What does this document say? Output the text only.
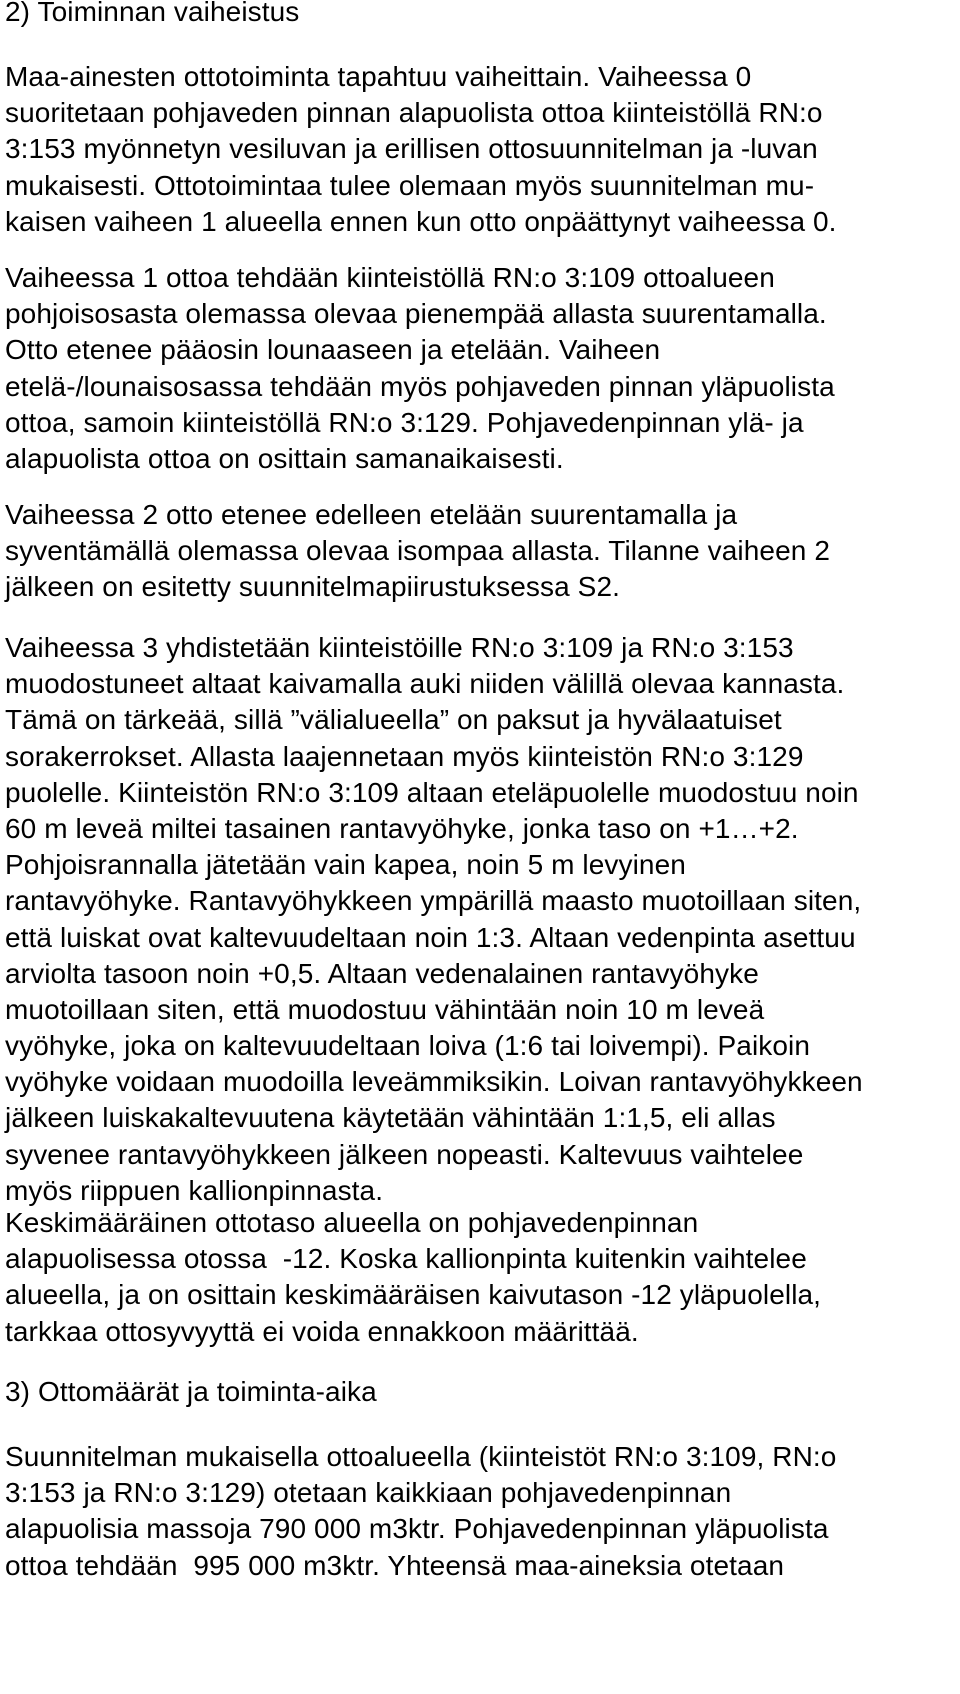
2) Toiminnan vaiheistus
Maa-ainesten ottotoiminta tapahtuu vaiheittain. Vaiheessa 0
suoritetaan pohjaveden pinnan alapuolista ottoa kiinteistöllä RN:o
3:153 myönnetyn vesiluvan ja erillisen ottosuunnitelman ja -luvan
mukaisesti. Ottotoimintaa tulee olemaan myös suunnitelman mu-
kaisen vaiheen 1 alueella ennen kun otto onpäättynyt vaiheessa 0.
Vaiheessa 1 ottoa tehdään kiinteistöllä RN:o 3:109 ottoalueen
pohjoisosasta olemassa olevaa pienempää allasta suurentamalla.
Otto etenee pääosin lounaaseen ja etelään. Vaiheen
etelä-/lounaisosassa tehdään myös pohjaveden pinnan yläpuolista
ottoa, samoin kiinteistöllä RN:o 3:129. Pohjavedenpinnan ylä- ja
alapuolista ottoa on osittain samanaikaisesti.
Vaiheessa 2 otto etenee edelleen etelään suurentamalla ja
syventämällä olemassa olevaa isompaa allasta. Tilanne vaiheen 2
jälkeen on esitetty suunnitelmapiirustuksessa S2.
Vaiheessa 3 yhdistetään kiinteistöille RN:o 3:109 ja RN:o 3:153
muodostuneet altaat kaivamalla auki niiden välillä olevaa kannasta.
Tämä on tärkeää, sillä ”välialueella” on paksut ja hyvälaatuiset
sorakerrokset. Allasta laajennetaan myös kiinteistön RN:o 3:129
puolelle. Kiinteistön RN:o 3:109 altaan eteläpuolelle muodostuu noin
60 m leveä miltei tasainen rantavyöhyke, jonka taso on +1…+2.
Pohjoisrannalla jätetään vain kapea, noin 5 m levyinen
rantavyöhyke. Rantavyöhykkeen ympärillä maasto muotoillaan siten,
että luiskat ovat kaltevuudeltaan noin 1:3. Altaan vedenpinta asettuu
arviolta tasoon noin +0,5. Altaan vedenalainen rantavyöhyke
muotoillaan siten, että muodostuu vähintään noin 10 m leveä
vyöhyke, joka on kaltevuudeltaan loiva (1:6 tai loivempi). Paikoin
vyöhyke voidaan muodoilla leveämmiksikin. Loivan rantavyöhykkeen
jälkeen luiskakaltevuutena käytetään vähintään 1:1,5, eli allas
syvenee rantavyöhykkeen jälkeen nopeasti. Kaltevuus vaihtelee
myös riippuen kallionpinnasta.
Keskimääräinen ottotaso alueella on pohjavedenpinnan
alapuolisessa otossa  -12. Koska kallionpinta kuitenkin vaihtelee
alueella, ja on osittain keskimääräisen kaivutason -12 yläpuolella,
tarkkaa ottosyvyyttä ei voida ennakkoon määrittää.
3) Ottomäärät ja toiminta-aika
Suunnitelman mukaisella ottoalueella (kiinteistöt RN:o 3:109, RN:o
3:153 ja RN:o 3:129) otetaan kaikkiaan pohjavedenpinnan
alapuolisia massoja 790 000 m3ktr. Pohjavedenpinnan yläpuolista
ottoa tehdään  995 000 m3ktr. Yhteensä maa-aineksia otetaan
